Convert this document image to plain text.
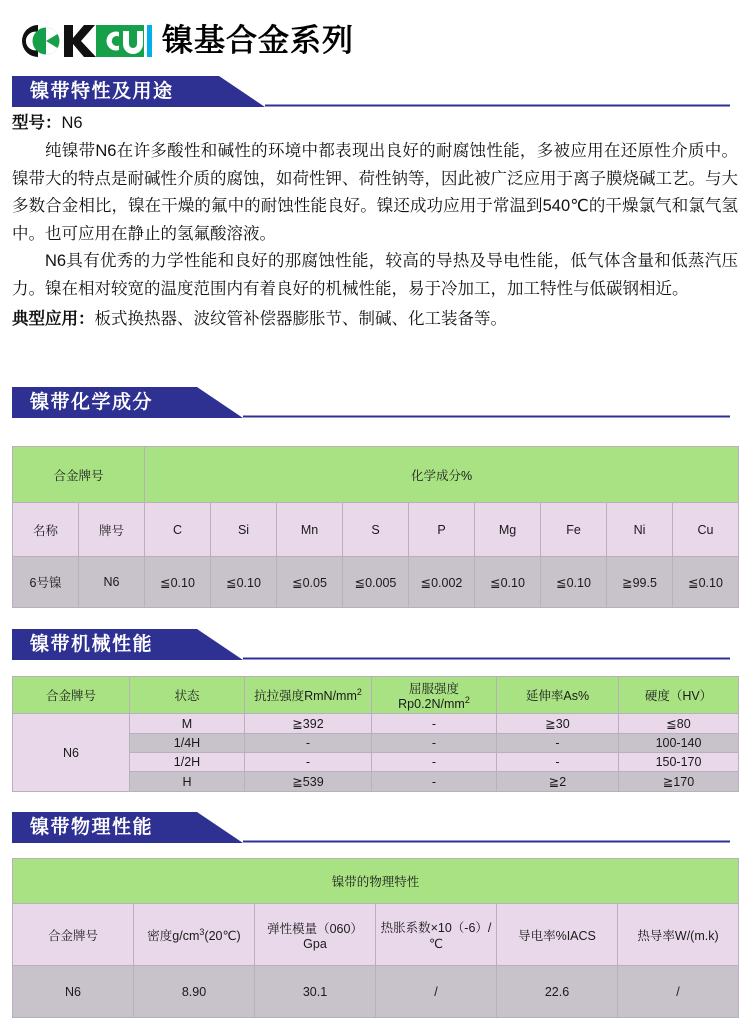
镍基合金系列
镍带特性及用途

型号：N6

纯镍带N6在许多酸性和碱性的环境中都表现出良好的耐腐蚀性能，多被应用在还原性介质中。镍带大的特点是耐碱性介质的腐蚀，如荷性钾、荷性钠等，因此被广泛应用于离子膜烧碱工艺。与大多数合金相比，镍在干燥的氟中的耐蚀性能良好。镍还成功应用于常温到540℃的干燥氯气和氯气氢 中。也可应用在静止的氢氟酸溶液。

N6具有优秀的力学性能和良好的那腐蚀性能，较高的导热及导电性能，低气体含量和低蒸汽压力。镍在相对较宽的温度范围内有着良好的机械性能，易于冷加工，加工特性与低碳钢相近。

典型应用：板式换热器、波纹管补偿器膨胀节、制碱、化工装备等。

镍带化学成分
合金牌号		化学成分%								
名称	牌号	C	Si	Mn	S	P	Mg	Fe	Ni	Cu
6号镍	N6	≦0.10	≦0.10	≦0.05	≦0.005	≦0.002	≦0.10	≦0.10	≧99.5	≦0.10
镍带机械性能
合金牌号	状态	抗拉强度RmN/$mm^2$	屈服强度
$Rp0.2N/mm^2$	延伸率As%	硬度（HV）
N6	M	≧392	-	≧30	≦80
	1/4H	-	-	-	100-140
	1/2H	-	-	-	150-170
	H	≧539	-	≧2	≧170
镍带物理性能
镍带的物理特性					
合金牌号	密度$g/cm^3(20℃)$	弹性模量（060）
Gpa	热胀系数×10（-6）/
℃	导电率%IACS	热导率W/(m.k)
N6	8.90	30.1	/	22.6	/
